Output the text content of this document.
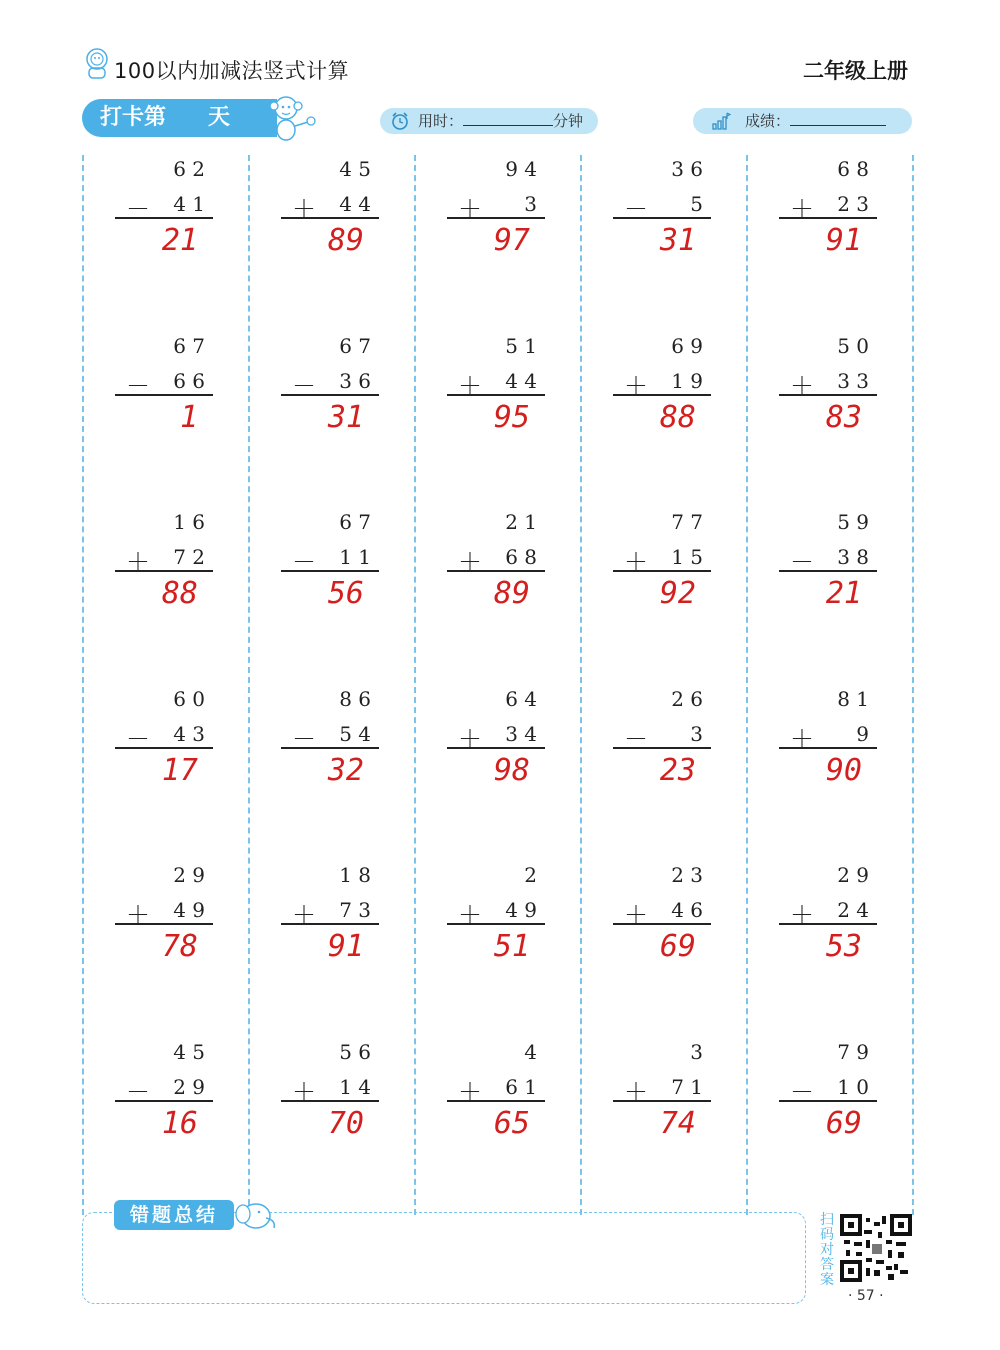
100以内加减法竖式计算	二年级上册
打卡第 天	用时：	分钟	成绩：
6 2
－	4 1
21
4 5
＋	4 4
89
9 4
＋	3
97
3 6
－	5
31
6 8
＋	2 3
91
6 7
－	6 6
1
6 7
－	3 6
31
5 1
＋	4 4
95
6 9
＋	1 9
88
5 0
＋	3 3
83
1 6
＋	7 2
88
6 7
－	1 1
56
2 1
＋	6 8
89
7 7
＋	1 5
92
5 9
－	3 8
21
6 0
－	4 3
17
8 6
－	5 4
32
6 4
＋	3 4
98
2 6
－	3
23
8 1
＋	9
90
2 9
＋	4 9
78
1 8
＋	7 3
91
2
＋	4 9
51
2 3
＋	4 6
69
2 9
＋	2 4
53
4 5
－	2 9
16
5 6
＋	1 4
70
4
＋	6 1
65
3
＋	7 1
74
7 9
－	1 0
69
错题总结	扫码对答案
· 57 ·
